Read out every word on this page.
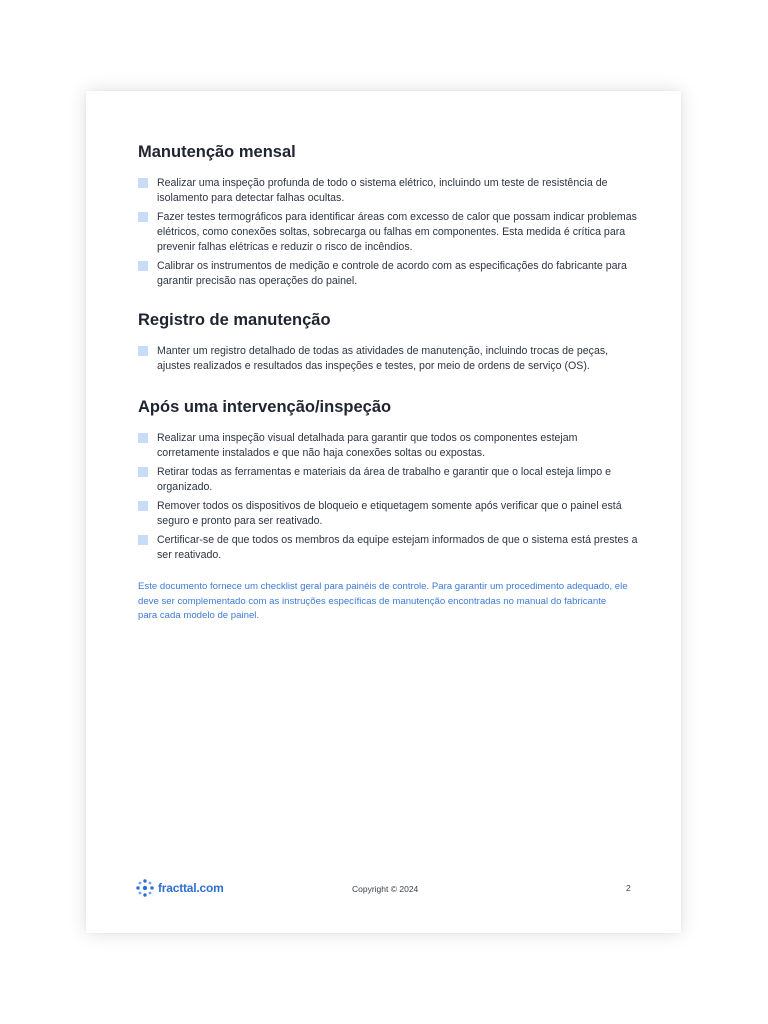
Manutenção mensal
Realizar uma inspeção profunda de todo o sistema elétrico, incluindo um teste de resistência de isolamento para detectar falhas ocultas.
Fazer testes termográficos para identificar áreas com excesso de calor que possam indicar problemas elétricos, como conexões soltas, sobrecarga ou falhas em componentes. Esta medida é crítica para prevenir falhas elétricas e reduzir o risco de incêndios.
Calibrar os instrumentos de medição e controle de acordo com as especificações do fabricante para garantir precisão nas operações do painel.
Registro de manutenção
Manter um registro detalhado de todas as atividades de manutenção, incluindo trocas de peças, ajustes realizados e resultados das inspeções e testes, por meio de ordens de serviço (OS).
Após uma intervenção/inspeção
Realizar uma inspeção visual detalhada para garantir que todos os componentes estejam corretamente instalados e que não haja conexões soltas ou expostas.
Retirar todas as ferramentas e materiais da área de trabalho e garantir que o local esteja limpo e organizado.
Remover todos os dispositivos de bloqueio e etiquetagem somente após verificar que o painel está seguro e pronto para ser reativado.
Certificar-se de que todos os membros da equipe estejam informados de que o sistema está prestes a ser reativado.

Este documento fornece um checklist geral para painéis de controle. Para garantir um procedimento adequado, ele deve ser complementado com as instruções específicas de manutenção encontradas no manual do fabricante para cada modelo de painel.

fracttal.com	Copyright © 2024	2
